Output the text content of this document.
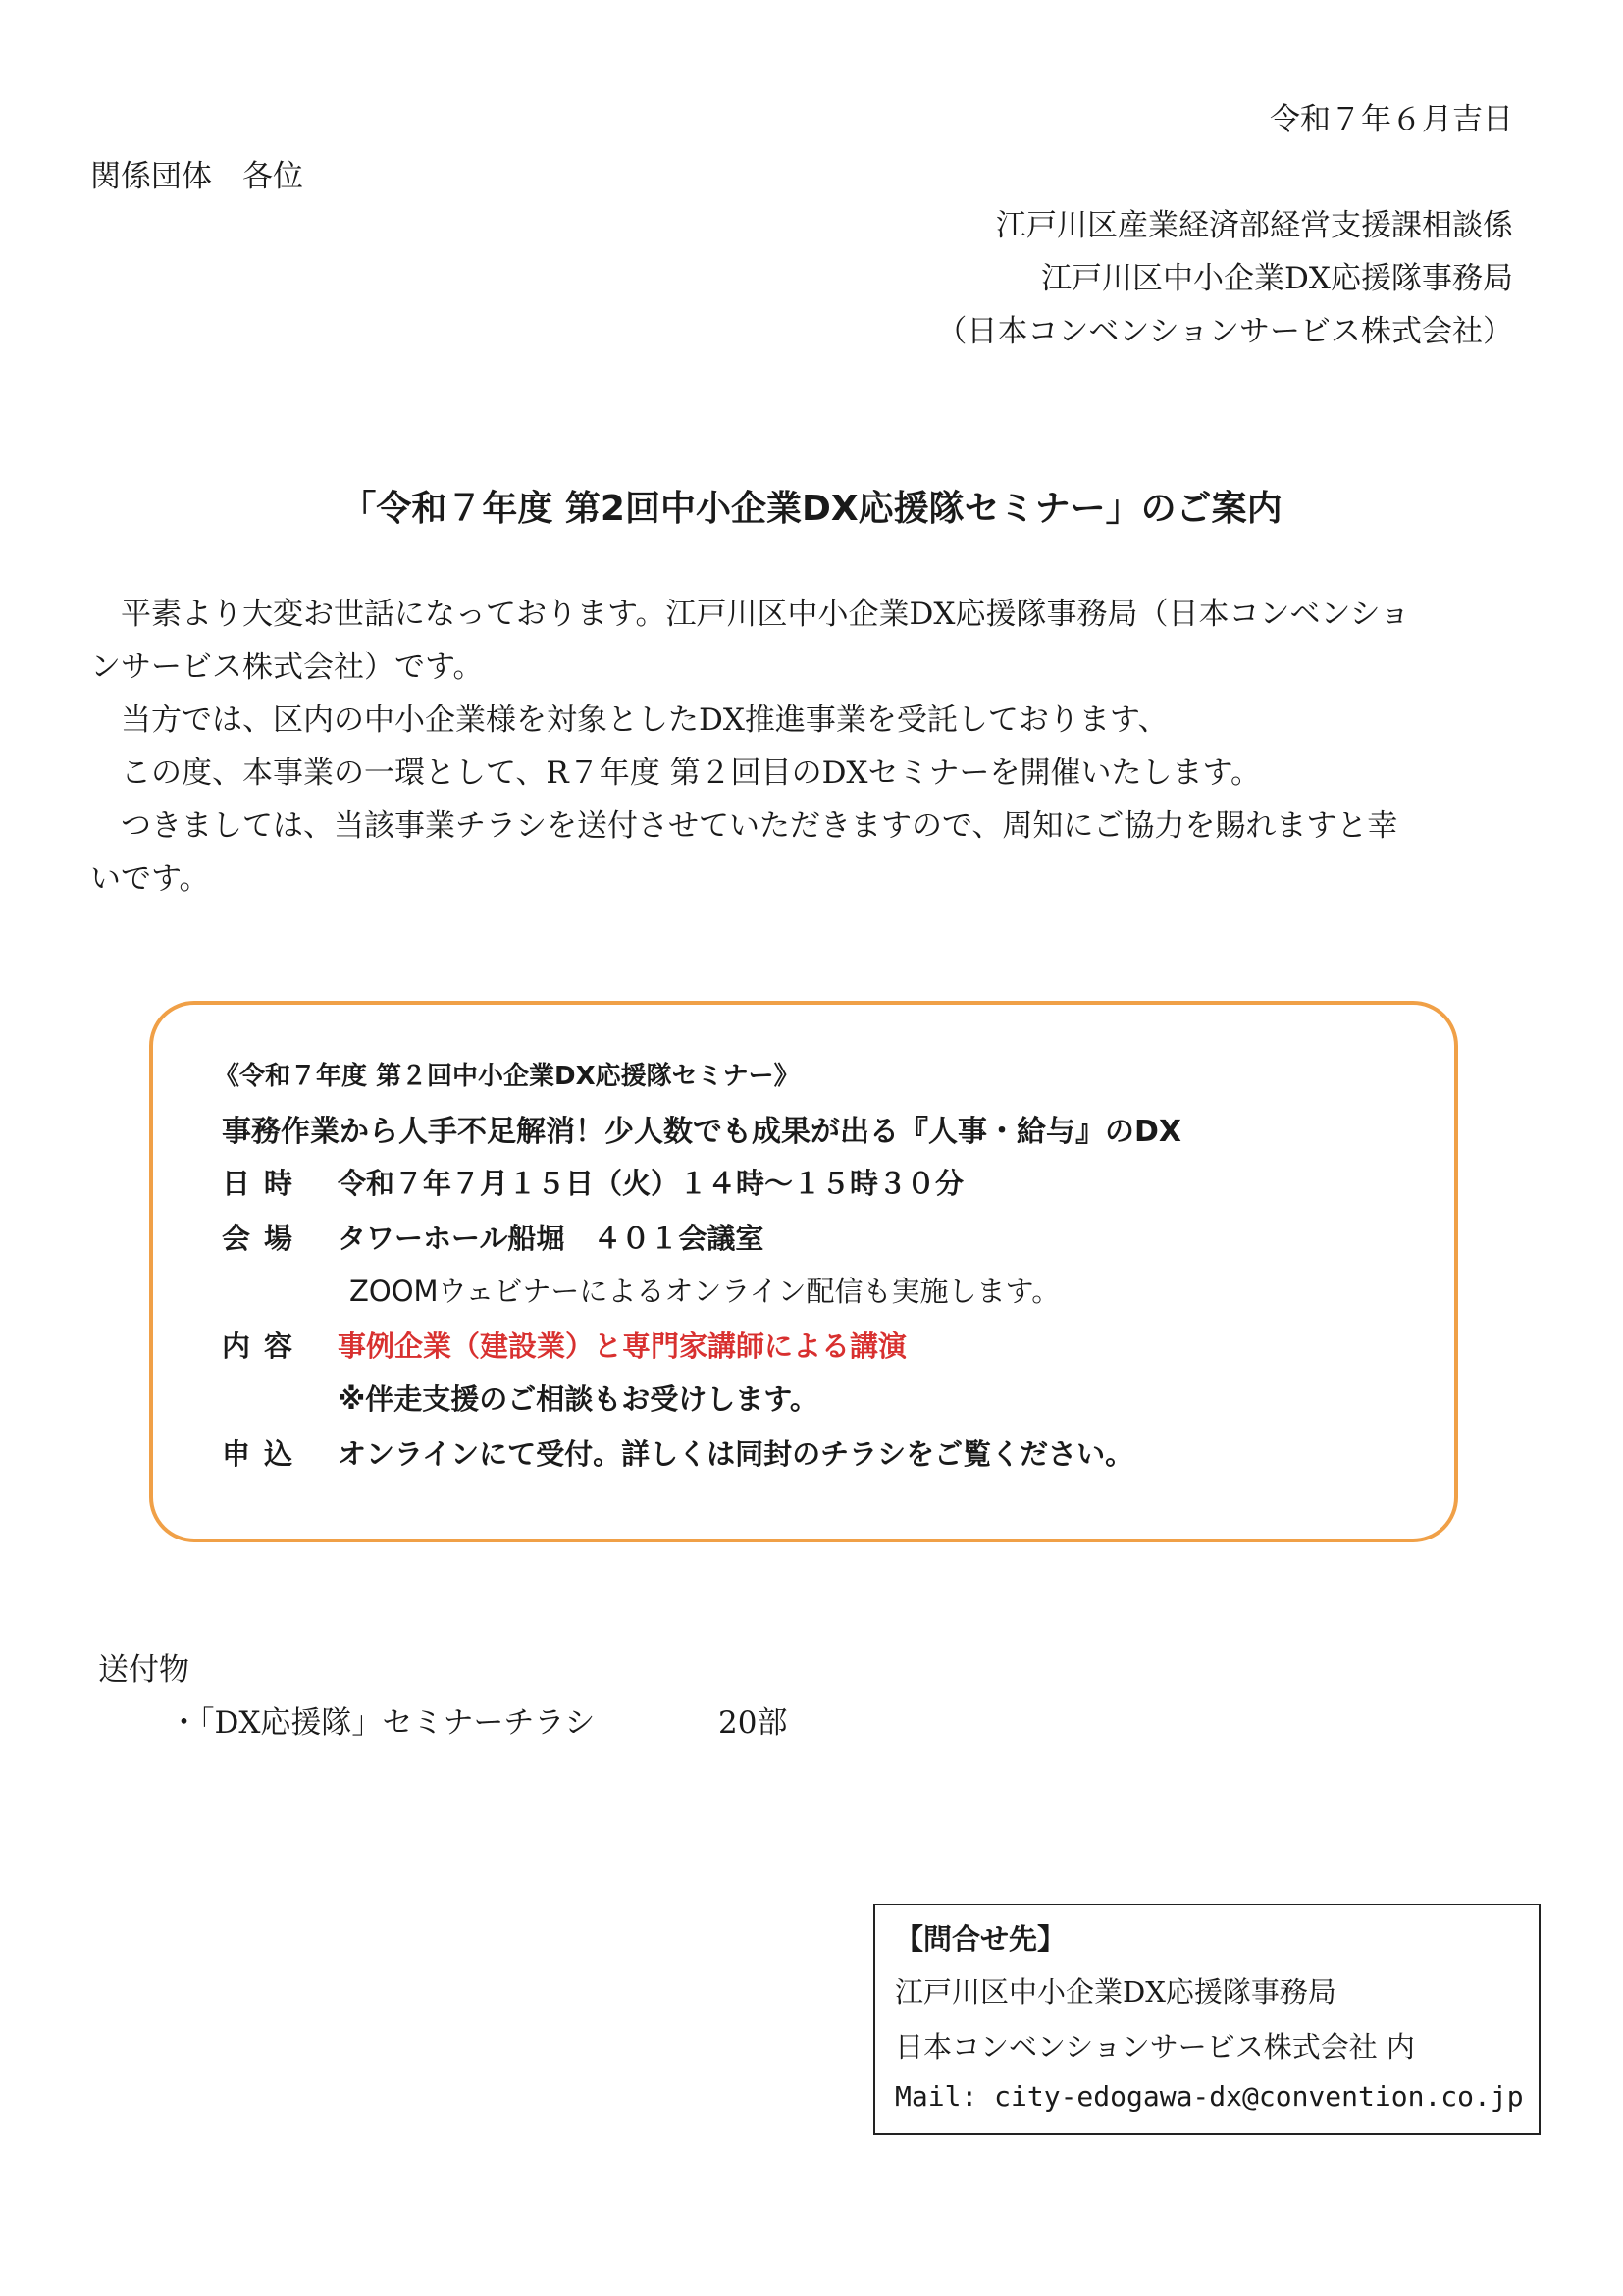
令和７年６月吉日
関係団体　各位
江戸川区産業経済部経営支援課相談係
江戸川区中小企業DX応援隊事務局
（日本コンベンションサービス株式会社）
「令和７年度 第2回中小企業DX応援隊セミナー」のご案内
　平素より大変お世話になっております。江戸川区中小企業DX応援隊事務局（日本コンベンショ
ンサービス株式会社）です。
　当方では、区内の中小企業様を対象としたDX推進事業を受託しております、
　この度、本事業の一環として、R７年度 第２回目のDXセミナーを開催いたします。
　つきましては、当該事業チラシを送付させていただきますので、周知にご協力を賜れますと幸
いです。
《令和７年度 第２回中小企業DX応援隊セミナー》
事務作業から人手不足解消！少人数でも成果が出る『人事・給与』のDX
日時 令和７年７月１５日（火）１４時～１５時３０分
会場 タワーホール船堀　４０１会議室
ZOOMウェビナーによるオンライン配信も実施します。
内容 事例企業（建設業）と専門家講師による講演
※伴走支援のご相談もお受けします。
申込 オンラインにて受付。詳しくは同封のチラシをご覧ください。
送付物
・「DX応援隊」セミナーチラシ	20部
【問合せ先】
江戸川区中小企業DX応援隊事務局
日本コンベンションサービス株式会社 内
Mail: city-edogawa-dx@convention.co.jp
